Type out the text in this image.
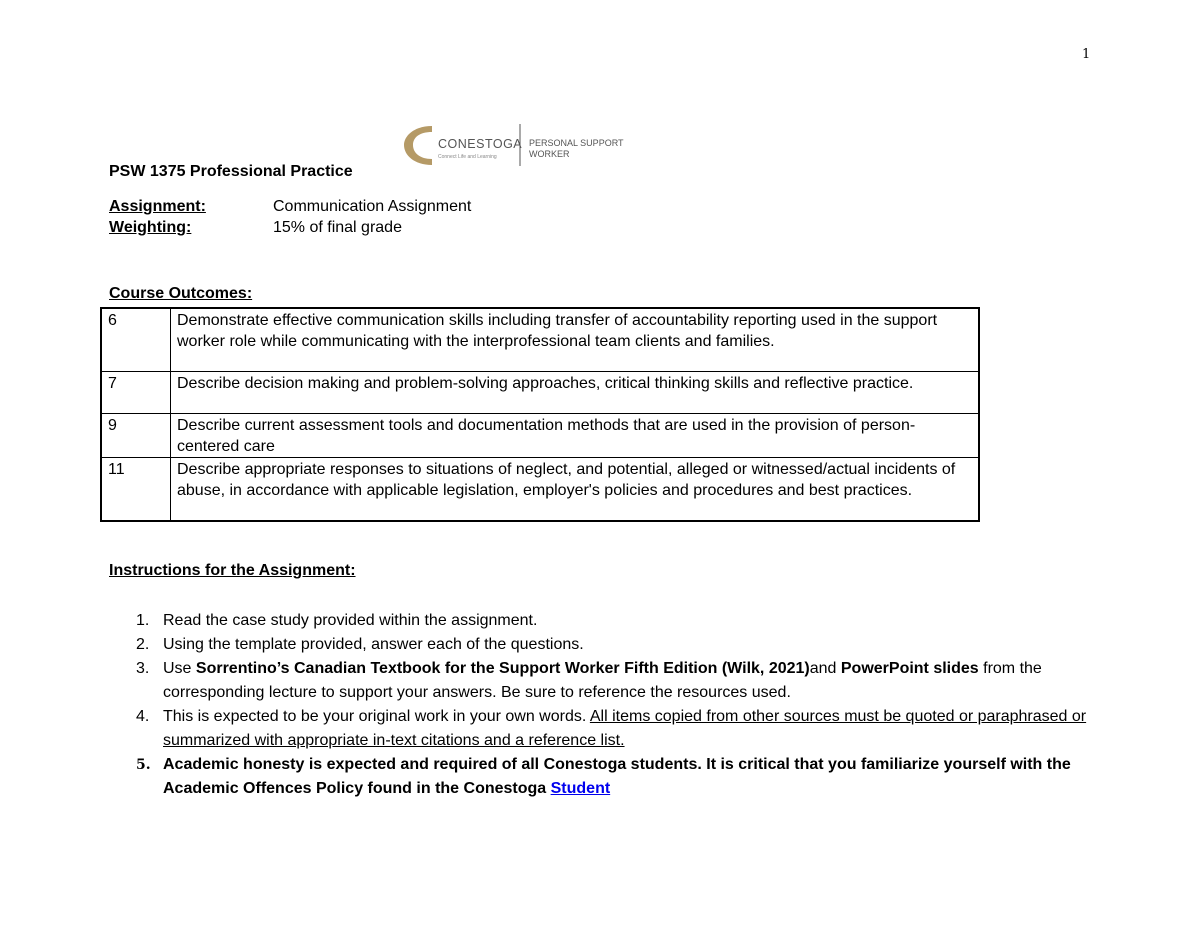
1
CONESTOGA
Connect Life and Learning
PERSONAL SUPPORT
WORKER
PSW 1375 Professional Practice
Assignment:	Communication Assignment
Weighting:	15% of final grade
Course Outcomes:
6	Demonstrate effective communication skills including transfer of accountability reporting used in the support worker role while communicating with the interprofessional team clients and families.
7	Describe decision making and problem-solving approaches, critical thinking skills and reflective practice.
9	Describe current assessment tools and documentation methods that are used in the provision of person-centered care
11	Describe appropriate responses to situations of neglect, and potential, alleged or witnessed/actual incidents of abuse, in accordance with applicable legislation, employer's policies and procedures and best practices.
Instructions for the Assignment:
1. Read the case study provided within the assignment.
2. Using the template provided, answer each of the questions.
3. Use Sorrentino’s Canadian Textbook for the Support Worker Fifth Edition (Wilk, 2021)and PowerPoint slides from the corresponding lecture to support your answers. Be sure to reference the resources used.
4. This is expected to be your original work in your own words. All items copied from other sources must be quoted or paraphrased or summarized with appropriate in-text citations and a reference list.
5. Academic honesty is expected and required of all Conestoga students. It is critical that you familiarize yourself with the Academic Offences Policy found in the Conestoga Student
